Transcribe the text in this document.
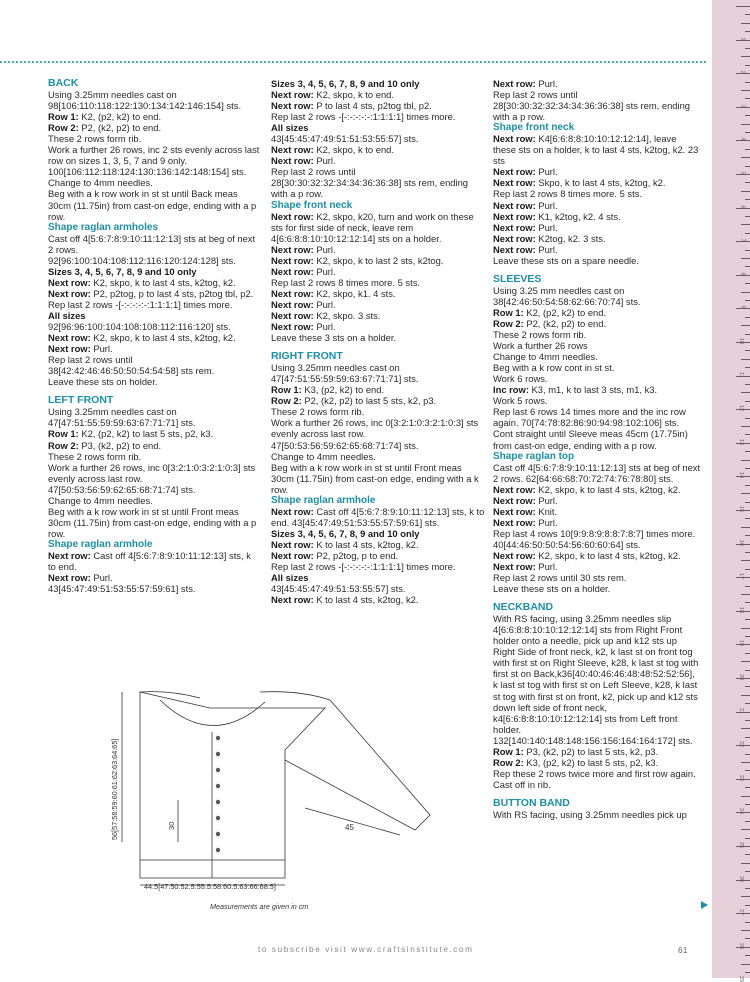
BACK

Using 3.25mm needles cast on 98[106:110:118:122:130:134:142:146:154] sts.

Row 1: K2, (p2, k2) to end.

Row 2: P2, (k2, p2) to end.

These 2 rows form rib.

Work a further 26 rows, inc 2 sts evenly across last row on sizes 1, 3, 5, 7 and 9 only. 100[106:112:118:124:130:136:142:148:154] sts.

Change to 4mm needles.

Beg with a k row work in st st until Back meas 30cm (11.75in) from cast-on edge, ending with a p row.

Shape raglan armholes

Cast off 4[5:6:7:8:9:10:11:12:13] sts at beg of next 2 rows.

92[96:100:104:108:112:116:120:124:128] sts.

Sizes 3, 4, 5, 6, 7, 8, 9 and 10 only

Next row: K2, skpo, k to last 4 sts, k2tog, k2.

Next row: P2, p2tog, p to last 4 sts, p2tog tbl, p2.

Rep last 2 rows -[-:-:-:-:-:1:1:1:1] times more.

All sizes

92[96:96:100:104:108:108:112:116:120] sts.

Next row: K2, skpo, k to last 4 sts, k2tog, k2.

Next row: Purl.

Rep last 2 rows until 38[42:42:46:46:50:50:54:54:58] sts rem.

Leave these sts on holder.

LEFT FRONT

Using 3.25mm needles cast on 47[47:51:55:59:59:63:67:71:71] sts.

Row 1: K2, (p2, k2) to last 5 sts, p2, k3.

Row 2: P3, (k2, p2) to end.

These 2 rows form rib.

Work a further 26 rows, inc 0[3:2:1:0:3:2:1:0:3] sts evenly across last row.

47[50:53:56:59:62:65:68:71:74] sts.

Change to 4mm needles.

Beg with a k row work in st st until Front meas 30cm (11.75in) from cast-on edge, ending with a p row.

Shape raglan armhole

Next row: Cast off 4[5:6:7:8:9:10:11:12:13] sts, k to end.

Next row: Purl.

43[45:47:49:51:53:55:57:59:61] sts.

Sizes 3, 4, 5, 6, 7, 8, 9 and 10 only

Next row: K2, skpo, k to end.

Next row: P to last 4 sts, p2tog tbl, p2.

Rep last 2 rows -[-:-:-:-:-:1:1:1:1] times more.

All sizes

43[45:45:47:49:51:51:53:55:57] sts.

Next row: K2, skpo, k to end.

Next row: Purl.

Rep last 2 rows until 28[30:30:32:32:34:34:36:36:38] sts rem, ending with a p row.

Shape front neck

Next row: K2, skpo, k20, turn and work on these sts for first side of neck, leave rem 4[6:6:8:8:10:10:12:12:14] sts on a holder.

Next row: Purl.

Next row: K2, skpo, k to last 2 sts, k2tog.

Next row: Purl.

Rep last 2 rows 8 times more. 5 sts.

Next row: K2, skpo, k1. 4 sts.

Next row: Purl.

Next row: K2, skpo. 3 sts.

Next row: Purl.

Leave these 3 sts on a holder.

RIGHT FRONT

Using 3.25mm needles cast on 47[47:51:55:59:59:63:67:71:71] sts.

Row 1: K3, (p2, k2) to end.

Row 2: P2, (k2, p2) to last 5 sts, k2, p3.

These 2 rows form rib.

Work a further 26 rows, inc 0[3:2:1:0:3:2:1:0:3] sts evenly across last row.

47[50:53:56:59:62:65:68:71:74] sts.

Change to 4mm needles.

Beg with a k row work in st st until Front meas 30cm (11.75in) from cast-on edge, ending with a k row.

Shape raglan armhole

Next row: Cast off 4[5:6:7:8:9:10:11:12:13] sts, k to end. 43[45:47:49:51:53:55:57:59:61] sts.

Sizes 3, 4, 5, 6, 7, 8, 9 and 10 only

Next row: K to last 4 sts, k2tog, k2.

Next row: P2, p2tog, p to end.

Rep last 2 rows -[-:-:-:-:-:1:1:1:1] times more.

All sizes

43[45:45:47:49:51:53:55:57] sts.

Next row: K to last 4 sts, k2tog, k2.

Next row: Purl.

Rep last 2 rows until 28[30:30:32:32:34:34:36:36:38] sts rem, ending with a p row.

Shape front neck

Next row: K4[6:6:8:8:10:10:12:12:14], leave these sts on a holder, k to last 4 sts, k2tog, k2. 23 sts

Next row: Purl.

Next row: Skpo, k to last 4 sts, k2tog, k2.

Rep last 2 rows 8 times more. 5 sts.

Next row: Purl.

Next row: K1, k2tog, k2. 4 sts.

Next row: Purl.

Next row: K2tog, k2. 3 sts.

Next row: Purl.

Leave these sts on a spare needle.

SLEEVES

Using 3.25 mm needles cast on 38[42:46:50:54:58:62:66:70:74] sts.

Row 1: K2, (p2, k2) to end.

Row 2: P2, (k2, p2) to end.

These 2 rows form rib.

Work a further 26 rows

Change to 4mm needles.

Beg with a k row cont in st st.

Work 6 rows.

Inc row: K3, m1, k to last 3 sts, m1, k3.

Work 5 rows.

Rep last 6 rows 14 times more and the inc row again. 70[74:78:82:86:90:94:98:102:106] sts.

Cont straight until Sleeve meas 45cm (17.75in) from cast-on edge, ending with a p row.

Shape raglan top

Cast off 4[5:6:7:8:9:10:11:12:13] sts at beg of next 2 rows. 62[64:66:68:70:72:74:76:78:80] sts.

Next row: K2, skpo, k to last 4 sts, k2tog, k2.

Next row: Purl.

Next row: Knit.

Next row: Purl.

Rep last 4 rows 10[9:9:8:9:8:8:7:8:7] times more. 40[44:46:50:50:54:56:60:60:64] sts.

Next row: K2, skpo, k to last 4 sts, k2tog, k2.

Next row: Purl.

Rep last 2 rows until 30 sts rem.

Leave these sts on a holder.

NECKBAND

With RS facing, using 3.25mm needles slip 4[6:6:8:8:10:10:12:12:14] sts from Right Front holder onto a needle, pick up and k12 sts up Right Side of front neck, k2, k last st on front tog with first st on Right Sleeve, k28, k last st tog with first st on Back,k36[40:40:46:46:48:48:52:52:56], k last st tog with first st on Left Sleeve, k28, k last st tog with first st on front, k2, pick up and k12 sts down left side of front neck, k4[6:6:8:8:10:10:12:12:14] sts from Left front holder.

132[140:140:148:148:156:156:164:164:172] sts.

Row 1: P3, (k2, p2) to last 5 sts, k2, p3.

Row 2: K3, (p2, k2) to last 5 sts, p2, k3.

Rep these 2 rows twice more and first row again.

Cast off in rib.

BUTTON BAND

With RS facing, using 3.25mm needles pick up

56[57:58:59:60:61:62:63:64:65]	30	45
44.5[47:50:52.5:55.5:58:60.5:63:66:68.5]
Measurements are given in cm
1
2
3
4
5
6
7
8
9
10
11
12
13
14
15
16
17
18
19
20
21
22
23
24
25
26
27
28
29
to subscribe visit www.craftsinstitute.com	61
